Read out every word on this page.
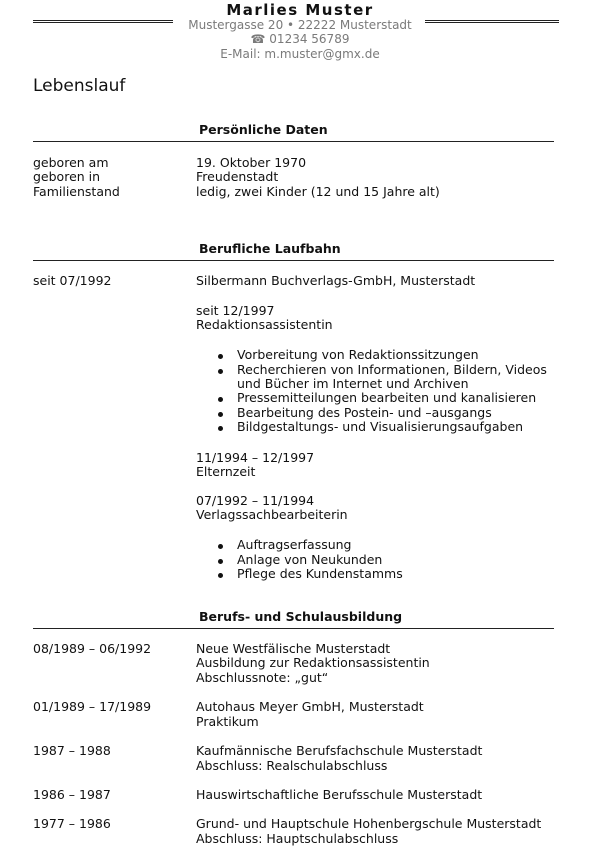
Marlies Muster
Mustergasse 20 • 22222 Musterstadt
☎ 01234 56789
E-Mail: m.muster@gmx.de
Lebenslauf
Persönliche Daten
geboren am	19. Oktober 1970
geboren in	Freudenstadt
Familienstand	ledig, zwei Kinder (12 und 15 Jahre alt)
Berufliche Laufbahn
seit 07/1992	Silbermann Buchverlags-GmbH, Musterstadt
seit 12/1997
Redaktionsassistentin
Vorbereitung von Redaktionssitzungen
Recherchieren von Informationen, Bildern, Videos
und Bücher im Internet und Archiven
Pressemitteilungen bearbeiten und kanalisieren
Bearbeitung des Postein- und –ausgangs
Bildgestaltungs- und Visualisierungsaufgaben
11/1994 – 12/1997
Elternzeit
07/1992 – 11/1994
Verlagssachbearbeiterin
Auftragserfassung
Anlage von Neukunden
Pflege des Kundenstamms
Berufs- und Schulausbildung
08/1989 – 06/1992	Neue Westfälische Musterstadt
Ausbildung zur Redaktionsassistentin
Abschlussnote: „gut“
01/1989 – 17/1989	Autohaus Meyer GmbH, Musterstadt
Praktikum
1987 – 1988	Kaufmännische Berufsfachschule Musterstadt
Abschluss: Realschulabschluss
1986 – 1987	Hauswirtschaftliche Berufsschule Musterstadt
1977 – 1986	Grund- und Hauptschule Hohenbergschule Musterstadt
Abschluss: Hauptschulabschluss
